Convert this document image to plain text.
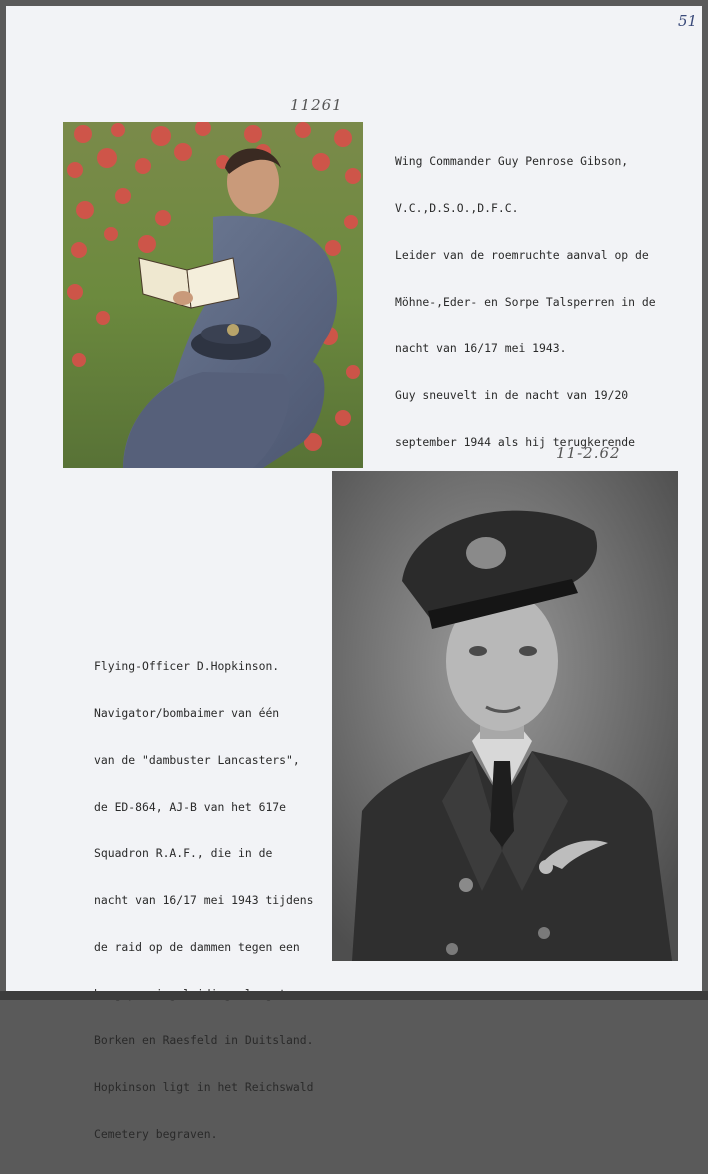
51
11261
11-2.62

Wing Commander Guy Penrose Gibson,

V.C.,D.S.O.,D.F.C.

Leider van de roemruchte aanval op de

Möhne-,Eder- en Sorpe Talsperren in de

nacht van 16/17 mei 1943.

Guy sneuvelt in de nacht van 19/20

september 1944 als hij terugkerende

Flying-Officer D.Hopkinson.

Navigator/bombaimer van één

van de "dambuster Lancasters",

de ED-864, AJ-B van het 617e

Squadron R.A.F., die in de

nacht van 16/17 mei 1943 tijdens

de raid op de dammen tegen een

Borken en Raesfeld in Duitsland.

Hopkinson ligt in het Reichswald

Cemetery begraven.
